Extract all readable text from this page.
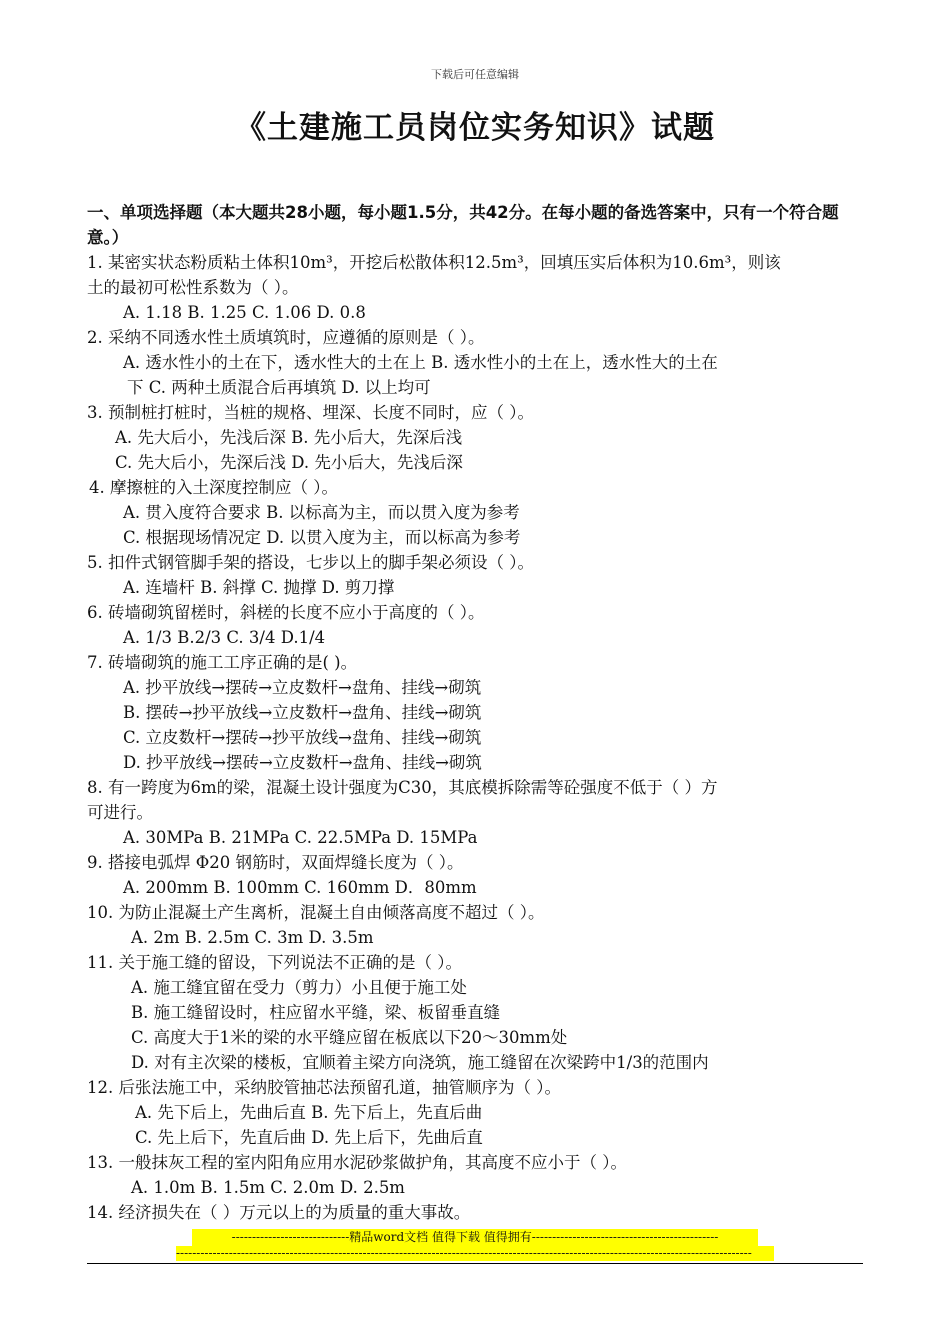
下载后可任意编辑
《土建施工员岗位实务知识》试题
一、单项选择题（本大题共28小题，每小题1.5分，共42分。在每小题的备选答案中，只有一个符合题意。）
1. 某密实状态粉质粘土体积10m³，开挖后松散体积12.5m³，回填压实后体积为10.6m³，则该
土的最初可松性系数为（ ）。
A. 1.18 B. 1.25 C. 1.06 D. 0.8
2. 采纳不同透水性土质填筑时，应遵循的原则是（ ）。
A. 透水性小的土在下，透水性大的土在上 B. 透水性小的土在上，透水性大的土在
下 C. 两种土质混合后再填筑 D. 以上均可
3. 预制桩打桩时，当桩的规格、埋深、长度不同时，应（ ）。
A. 先大后小，先浅后深 B. 先小后大，先深后浅
C. 先大后小，先深后浅 D. 先小后大，先浅后深
4. 摩擦桩的入土深度控制应（ ）。
A. 贯入度符合要求 B. 以标高为主，而以贯入度为参考
C. 根据现场情况定 D. 以贯入度为主，而以标高为参考
5. 扣件式钢管脚手架的搭设，七步以上的脚手架必须设（ ）。
A. 连墙杆 B. 斜撑 C. 抛撑 D. 剪刀撑
6. 砖墙砌筑留槎时，斜槎的长度不应小于高度的（ ）。
A. 1/3 B.2/3 C. 3/4 D.1/4
7. 砖墙砌筑的施工工序正确的是( )。
A. 抄平放线→摆砖→立皮数杆→盘角、挂线→砌筑
B. 摆砖→抄平放线→立皮数杆→盘角、挂线→砌筑
C. 立皮数杆→摆砖→抄平放线→盘角、挂线→砌筑
D. 抄平放线→摆砖→立皮数杆→盘角、挂线→砌筑
8. 有一跨度为6m的梁，混凝土设计强度为C30，其底模拆除需等砼强度不低于（ ）方
可进行。
A. 30MPa B. 21MPa C. 22.5MPa D. 15MPa
9. 搭接电弧焊 Φ20 钢筋时，双面焊缝长度为（ ）。
A. 200mm B. 100mm C. 160mm D．80mm
10. 为防止混凝土产生离析，混凝土自由倾落高度不超过（ ）。
A. 2m B. 2.5m C. 3m D. 3.5m
11. 关于施工缝的留设，下列说法不正确的是（ ）。
A. 施工缝宜留在受力（剪力）小且便于施工处
B. 施工缝留设时，柱应留水平缝，梁、板留垂直缝
C. 高度大于1米的梁的水平缝应留在板底以下20～30mm处
D. 对有主次梁的楼板，宜顺着主梁方向浇筑，施工缝留在次梁跨中1/3的范围内
12. 后张法施工中，采纳胶管抽芯法预留孔道，抽管顺序为（ ）。
A. 先下后上，先曲后直 B. 先下后上，先直后曲
C. 先上后下，先直后曲 D. 先上后下，先曲后直
13. 一般抹灰工程的室内阳角应用水泥砂浆做护角，其高度不应小于（ ）。
A. 1.0m B. 1.5m C. 2.0m D. 2.5m
14. 经济损失在（ ）万元以上的为质量的重大事故。
-----------------------------精品word文档 值得下载 值得拥有----------------------------------------------
----------------------------------------------------------------------------------------------------------------------------------------------
